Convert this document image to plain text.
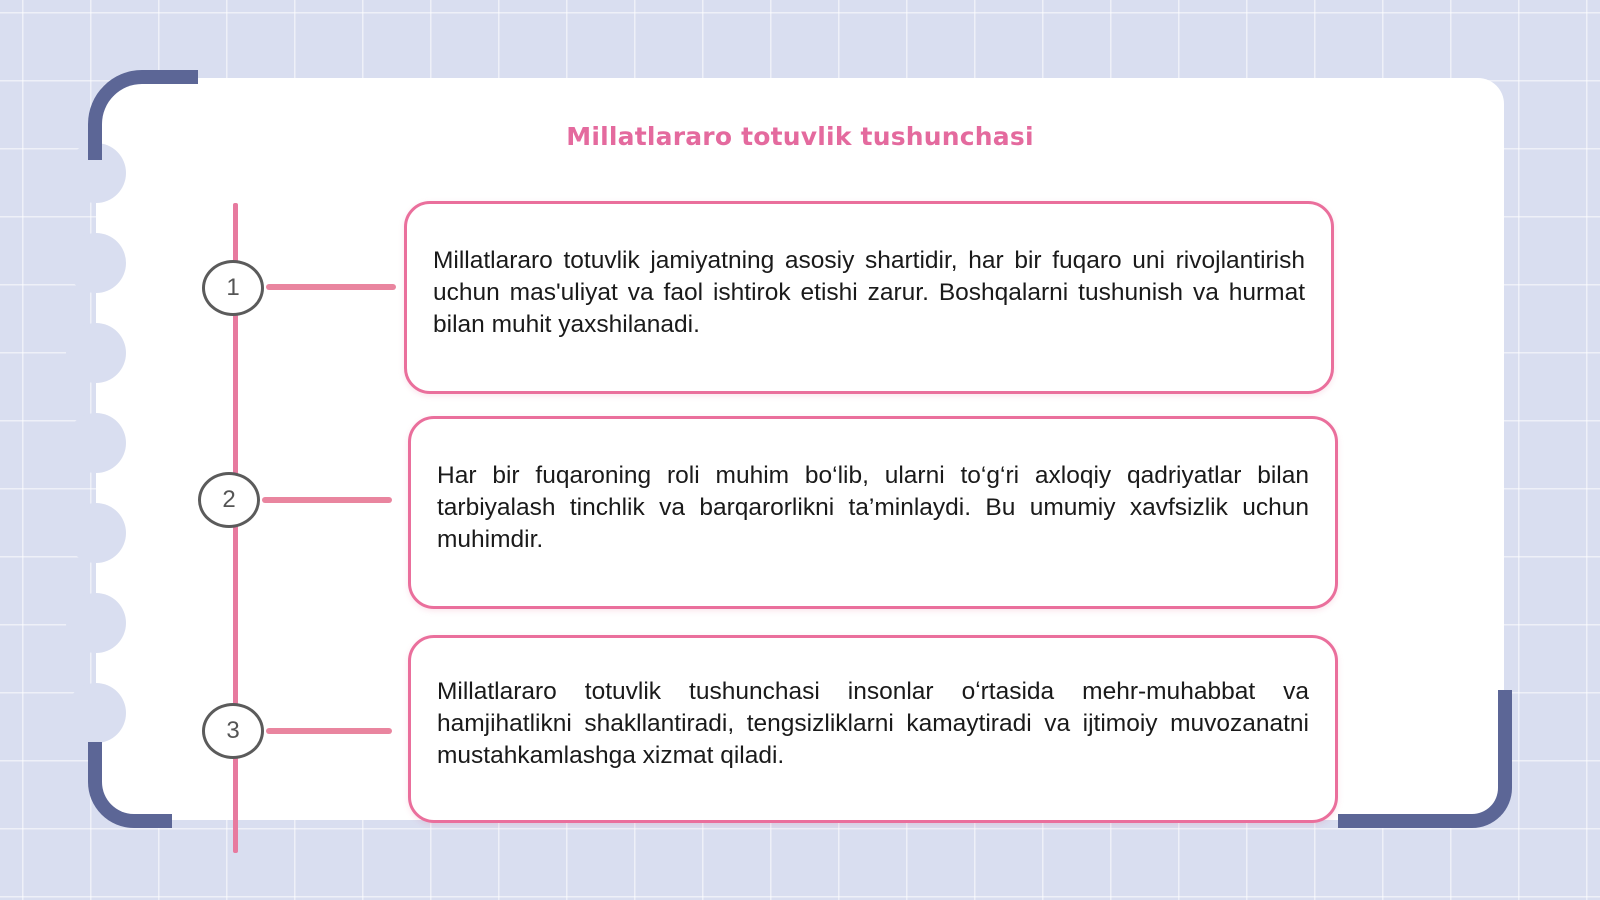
Millatlararo totuvlik tushunchasi
1
2
3

Millatlararo totuvlik jamiyatning asosiy shartidir, har bir fuqaro uni rivojlantirish uchun mas'uliyat va faol ishtirok etishi zarur. Boshqalarni tushunish va hurmat bilan muhit yaxshilanadi.

Har bir fuqaroning roli muhim bo‘lib, ularni to‘g‘ri axloqiy qadriyatlar bilan tarbiyalash tinchlik va barqarorlikni ta’minlaydi. Bu umumiy xavfsizlik uchun muhimdir.

Millatlararo totuvlik tushunchasi insonlar oʻrtasida mehr-muhabbat va hamjihatlikni shakllantiradi, tengsizliklarni kamaytiradi va ijtimoiy muvozanatni mustahkamlashga xizmat qiladi.
